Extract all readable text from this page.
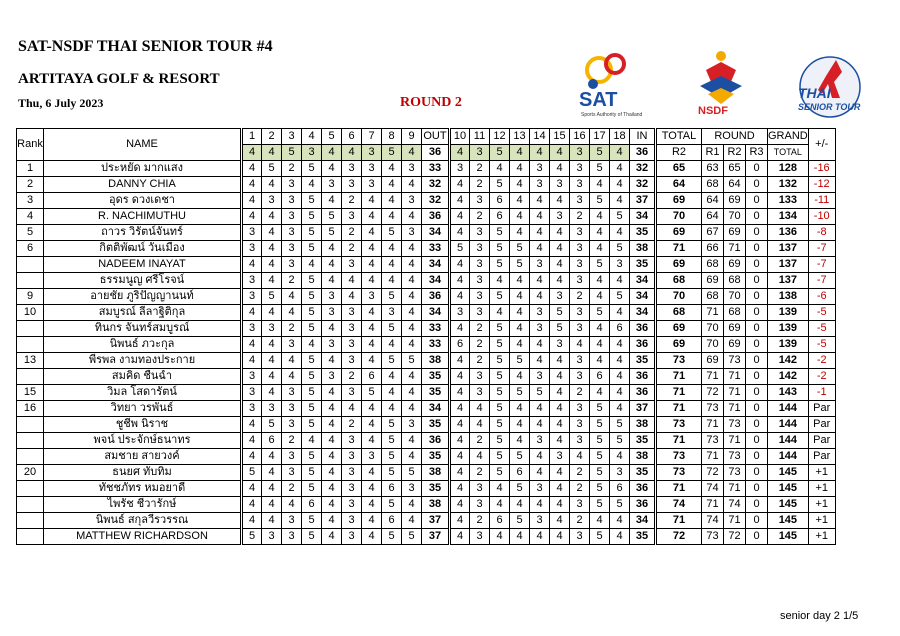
SAT-NSDF THAI SENIOR TOUR #4
ARTITAYA GOLF & RESORT
Thu, 6 July 2023	ROUND 2	SAT
Sports Authority of Thailand	NSDF
THAI
SENIOR TOUR
Rank	NAME	1	2	3	4	5	6	7	8	9	OUT	10	11	12	13	14	15	16	17	18	IN	TOTAL	ROUND			GRAND	+/-
		4	4	5	3	4	4	3	5	4	36	4	3	5	4	4	4	3	5	4	36	R2	R1	R2	R3	TOTAL	
1	ประหยัด มากแสง	4	5	2	5	4	3	3	4	3	33	3	2	4	4	3	4	3	5	4	32	65	63	65	0	128	-16
2	DANNY CHIA	4	4	3	4	3	3	3	4	4	32	4	2	5	4	3	3	3	4	4	32	64	68	64	0	132	-12
3	อุดร ดวงเดชา	4	3	3	5	4	2	4	4	3	32	4	3	6	4	4	4	3	5	4	37	69	64	69	0	133	-11
4	R. NACHIMUTHU	4	4	3	5	5	3	4	4	4	36	4	2	6	4	4	3	2	4	5	34	70	64	70	0	134	-10
5	ถาวร วิรัตน์จันทร์	3	4	3	5	5	2	4	5	3	34	4	3	5	4	4	4	3	4	4	35	69	67	69	0	136	-8
6	กิตติพัฒน์ วันเมือง	3	4	3	5	4	2	4	4	4	33	5	3	5	5	4	4	3	4	5	38	71	66	71	0	137	-7
	NADEEM INAYAT	4	4	3	4	4	3	4	4	4	34	4	3	5	5	3	4	3	5	3	35	69	68	69	0	137	-7
	ธรรมนูญ ศรีโรจน์	3	4	2	5	4	4	4	4	4	34	4	3	4	4	4	4	3	4	4	34	68	69	68	0	137	-7
9	อายชัย ภูริปัญญานนท์	3	5	4	5	3	4	3	5	4	36	4	3	5	4	4	3	2	4	5	34	70	68	70	0	138	-6
10	สมบูรณ์ ลีลาฐิติกุล	4	4	4	5	3	3	4	3	4	34	3	3	4	4	3	5	3	5	4	34	68	71	68	0	139	-5
	ทินกร จันทร์สมบูรณ์	3	3	2	5	4	3	4	5	4	33	4	2	5	4	3	5	3	4	6	36	69	70	69	0	139	-5
	นิพนธ์ ภวะกุล	4	4	3	4	3	3	4	4	4	33	6	2	5	4	4	3	4	4	4	36	69	70	69	0	139	-5
13	พีรพล งามทองประกาย	4	4	4	5	4	3	4	5	5	38	4	2	5	5	4	4	3	4	4	35	73	69	73	0	142	-2
	สมคิด ชื่นฉ่ำ	3	4	4	5	3	2	6	4	4	35	4	3	5	4	3	4	3	6	4	36	71	71	71	0	142	-2
15	วิมล โสดารัตน์	3	4	3	5	4	3	5	4	4	35	4	3	5	5	5	4	2	4	4	36	71	72	71	0	143	-1
16	วิทยา วรพันธ์	3	3	3	5	4	4	4	4	4	34	4	4	5	4	4	4	3	5	4	37	71	73	71	0	144	Par
	ชูชีพ นิราช	4	5	3	5	4	2	4	5	3	35	4	4	5	4	4	4	3	5	5	38	73	71	73	0	144	Par
	พจน์ ประจักษ์ธนาทร	4	6	2	4	4	3	4	5	4	36	4	2	5	4	3	4	3	5	5	35	71	73	71	0	144	Par
	สมชาย สายวงค์	4	4	3	5	4	3	3	5	4	35	4	4	5	5	4	3	4	5	4	38	73	71	73	0	144	Par
20	ธนยศ ทับทิม	5	4	3	5	4	3	4	5	5	38	4	2	5	6	4	4	2	5	3	35	73	72	73	0	145	+1
	ทัชชภัทร หมอยาดี	4	4	2	5	4	3	4	6	3	35	4	3	4	5	3	4	2	5	6	36	71	74	71	0	145	+1
	ไพรัช ชีวารักษ์	4	4	4	6	4	3	4	5	4	38	4	3	4	4	4	4	3	5	5	36	74	71	74	0	145	+1
	นิพนธ์ สกุลวีรวรรณ	4	4	3	5	4	3	4	6	4	37	4	2	6	5	3	4	2	4	4	34	71	74	71	0	145	+1
	MATTHEW RICHARDSON	5	3	3	5	4	3	4	5	5	37	4	3	4	4	4	4	3	5	4	35	72	73	72	0	145	+1
senior day 2 1/5
